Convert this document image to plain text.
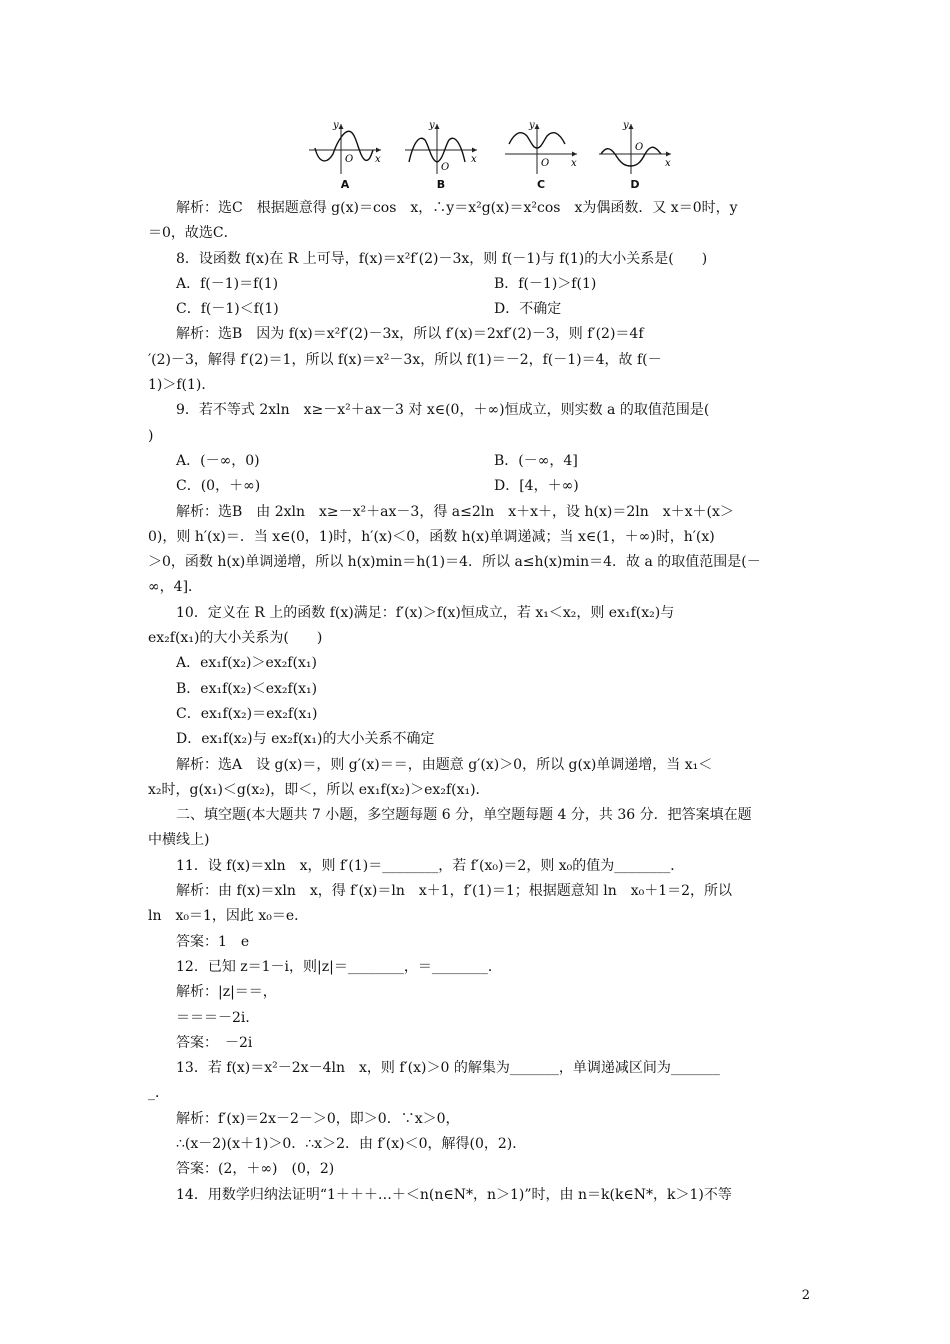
y
x
O
A
y
x
O
B
y
x
O
C
y
x
O
D
解析：选C　根据题意得 g(x)＝cos　x，∴y＝x²g(x)＝x²cos　x为偶函数．又 x＝0时，y
＝0，故选C．
8．设函数 f(x)在 R 上可导，f(x)＝x²f′(2)－3x，则 f(－1)与 f(1)的大小关系是(　　)
A．f(－1)＝f(1)	B．f(－1)＞f(1)
C．f(－1)＜f(1)	D．不确定
解析：选B　因为 f(x)＝x²f′(2)－3x，所以 f′(x)＝2xf′(2)－3，则 f′(2)＝4f
′(2)－3，解得 f′(2)＝1，所以 f(x)＝x²－3x，所以 f(1)＝－2，f(－1)＝4，故 f(－
1)＞f(1)．
9．若不等式 2xln　x≥－x²＋ax－3 对 x∈(0，＋∞)恒成立，则实数 a 的取值范围是(
)
A．(－∞，0)	B．(－∞，4]
C．(0，＋∞)	D．[4，＋∞)
解析：选B　由 2xln　x≥－x²＋ax－3，得 a≤2ln　x＋x＋，设 h(x)＝2ln　x＋x＋(x＞
0)，则 h′(x)＝．当 x∈(0，1)时，h′(x)＜0，函数 h(x)单调递减；当 x∈(1，＋∞)时，h′(x)
＞0，函数 h(x)单调递增，所以 h(x)min＝h(1)＝4．所以 a≤h(x)min＝4．故 a 的取值范围是(－
∞，4]．
10．定义在 R 上的函数 f(x)满足：f′(x)＞f(x)恒成立，若 x₁＜x₂，则 ex₁f(x₂)与
ex₂f(x₁)的大小关系为(　　)
A．ex₁f(x₂)＞ex₂f(x₁)
B．ex₁f(x₂)＜ex₂f(x₁)
C．ex₁f(x₂)＝ex₂f(x₁)
D．ex₁f(x₂)与 ex₂f(x₁)的大小关系不确定
解析：选A　设 g(x)＝，则 g′(x)＝＝，由题意 g′(x)＞0，所以 g(x)单调递增，当 x₁＜
x₂时，g(x₁)＜g(x₂)，即＜，所以 ex₁f(x₂)＞ex₂f(x₁)．
二、填空题(本大题共 7 小题，多空题每题 6 分，单空题每题 4 分，共 36 分．把答案填在题
中横线上)
11．设 f(x)＝xln　x，则 f′(1)＝________，若 f′(x₀)＝2，则 x₀的值为________．
解析：由 f(x)＝xln　x，得 f′(x)＝ln　x＋1，f′(1)＝1；根据题意知 ln　x₀＋1＝2，所以
ln　x₀＝1，因此 x₀＝e．
答案：1　e
12．已知 z＝1－i，则|z|＝________，＝________．
解析：|z|＝＝，
＝＝＝－2i．
答案：　－2i
13．若 f(x)＝x²－2x－4ln　x，则 f′(x)＞0 的解集为_______，单调递减区间为_______
_．
解析：f′(x)＝2x－2－＞0，即＞0．∵x＞0，
∴(x－2)(x＋1)＞0．∴x＞2．由 f′(x)＜0，解得(0，2)．
答案：(2，＋∞)　(0，2)
14．用数学归纳法证明“1＋＋＋…＋＜n(n∈N*，n＞1)”时，由 n＝k(k∈N*，k＞1)不等
2
